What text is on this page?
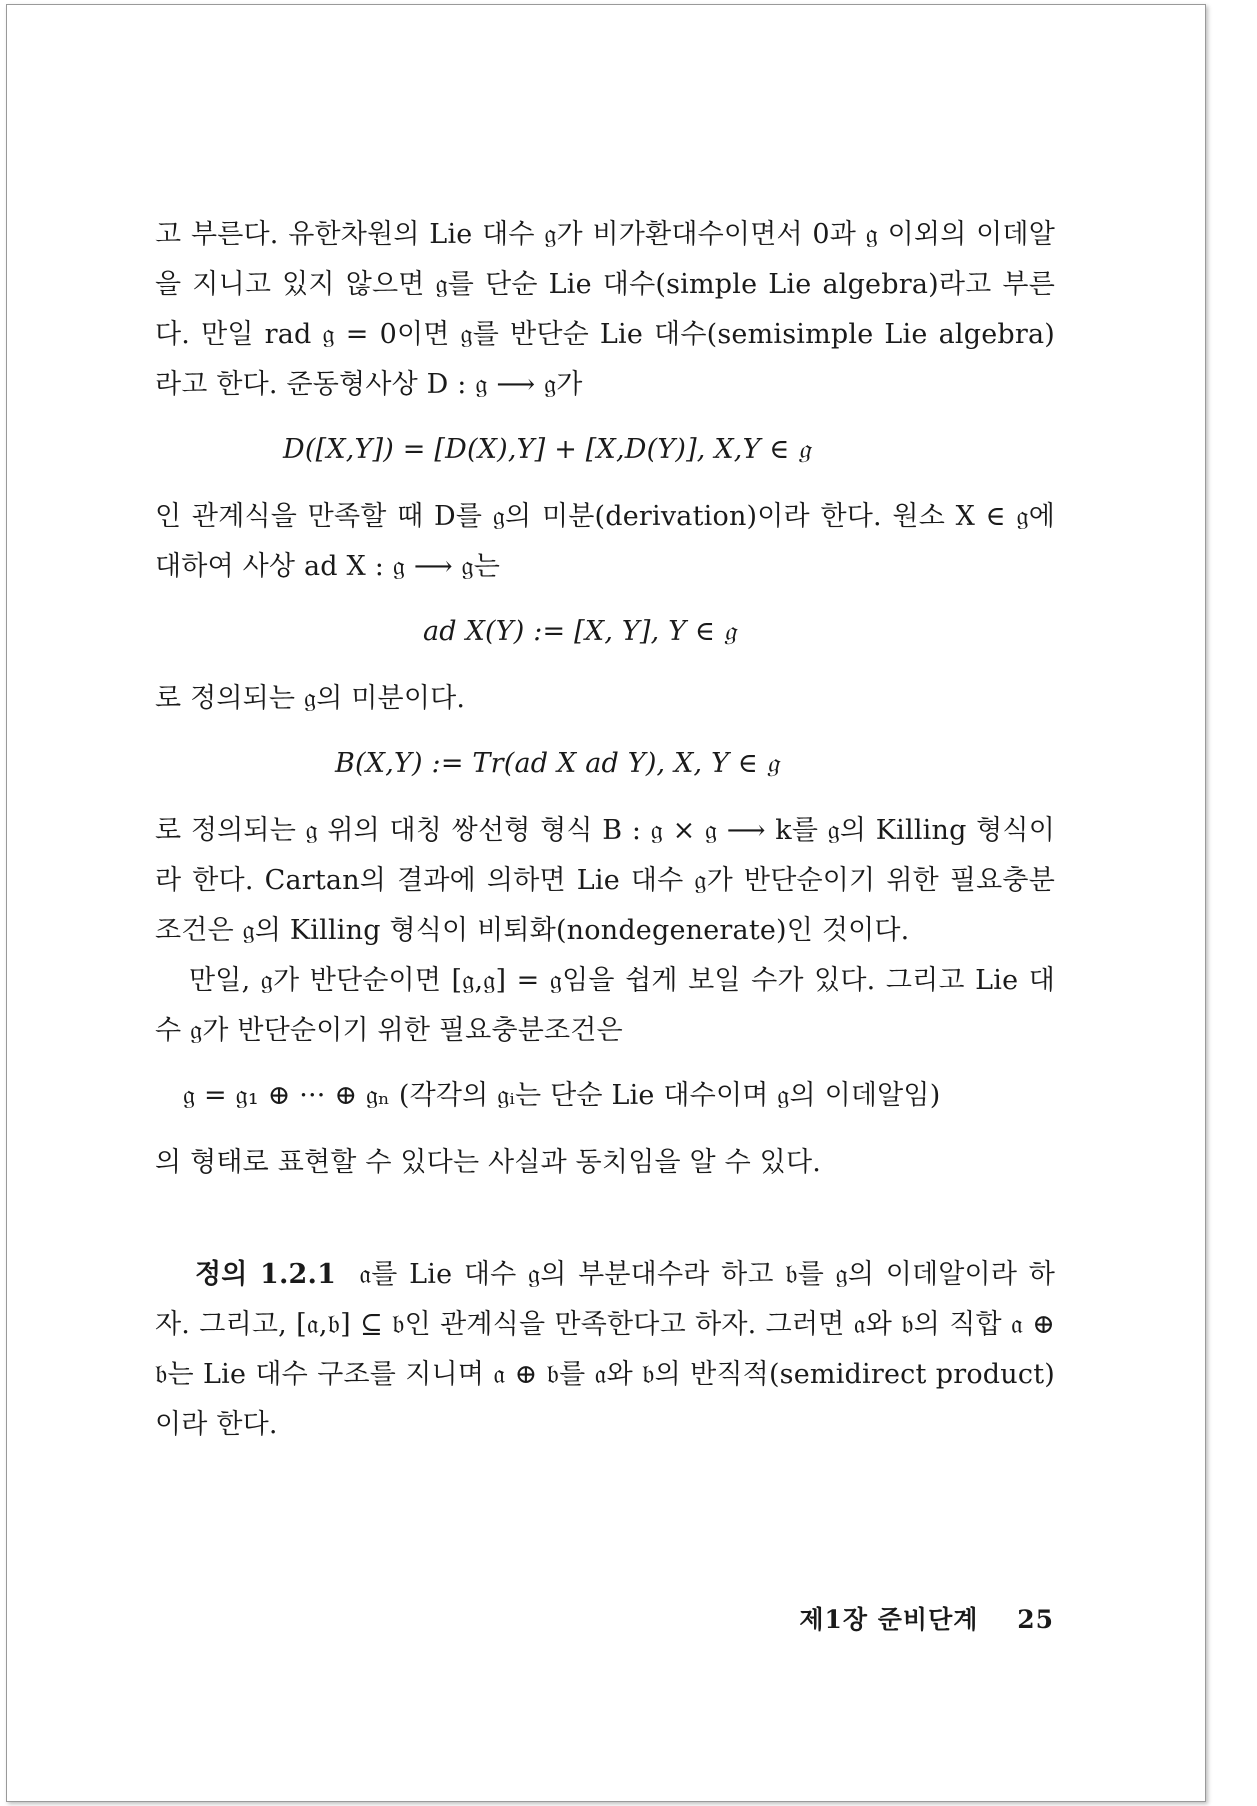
고 부른다. 유한차원의 Lie 대수 𝔤가 비가환대수이면서 0과 𝔤 이외의 이데알을 지니고 있지 않으면 𝔤를 단순 Lie 대수(simple Lie algebra)라고 부른다. 만일 rad 𝔤 = 0이면 𝔤를 반단순 Lie 대수(semisimple Lie algebra)라고 한다. 준동형사상 D : 𝔤 ⟶ 𝔤가

D([X,Y]) = [D(X),Y] + [X,D(Y)], X,Y ∈ 𝔤

인 관계식을 만족할 때 D를 𝔤의 미분(derivation)이라 한다. 원소 X ∈ 𝔤에 대하여 사상 ad X : 𝔤 ⟶ 𝔤는

ad X(Y) := [X, Y], Y ∈ 𝔤

로 정의되는 𝔤의 미분이다.

B(X,Y) := Tr(ad X ad Y), X, Y ∈ 𝔤

로 정의되는 𝔤 위의 대칭 쌍선형 형식 B : 𝔤 × 𝔤 ⟶ k를 𝔤의 Killing 형식이라 한다. Cartan의 결과에 의하면 Lie 대수 𝔤가 반단순이기 위한 필요충분조건은 𝔤의 Killing 형식이 비퇴화(nondegenerate)인 것이다.

만일, 𝔤가 반단순이면 [𝔤,𝔤] = 𝔤임을 쉽게 보일 수가 있다. 그리고 Lie 대수 𝔤가 반단순이기 위한 필요충분조건은

𝔤 = 𝔤₁ ⊕ ··· ⊕ 𝔤ₙ (각각의 𝔤ᵢ는 단순 Lie 대수이며 𝔤의 이데알임)

의 형태로 표현할 수 있다는 사실과 동치임을 알 수 있다.

정의 1.2.1 𝔞를 Lie 대수 𝔤의 부분대수라 하고 𝔟를 𝔤의 이데알이라 하자. 그리고, [𝔞,𝔟] ⊆ 𝔟인 관계식을 만족한다고 하자. 그러면 𝔞와 𝔟의 직합 𝔞 ⊕ 𝔟는 Lie 대수 구조를 지니며 𝔞 ⊕ 𝔟를 𝔞와 𝔟의 반직적(semidirect product)이라 한다.

제1장 준비단계 25
